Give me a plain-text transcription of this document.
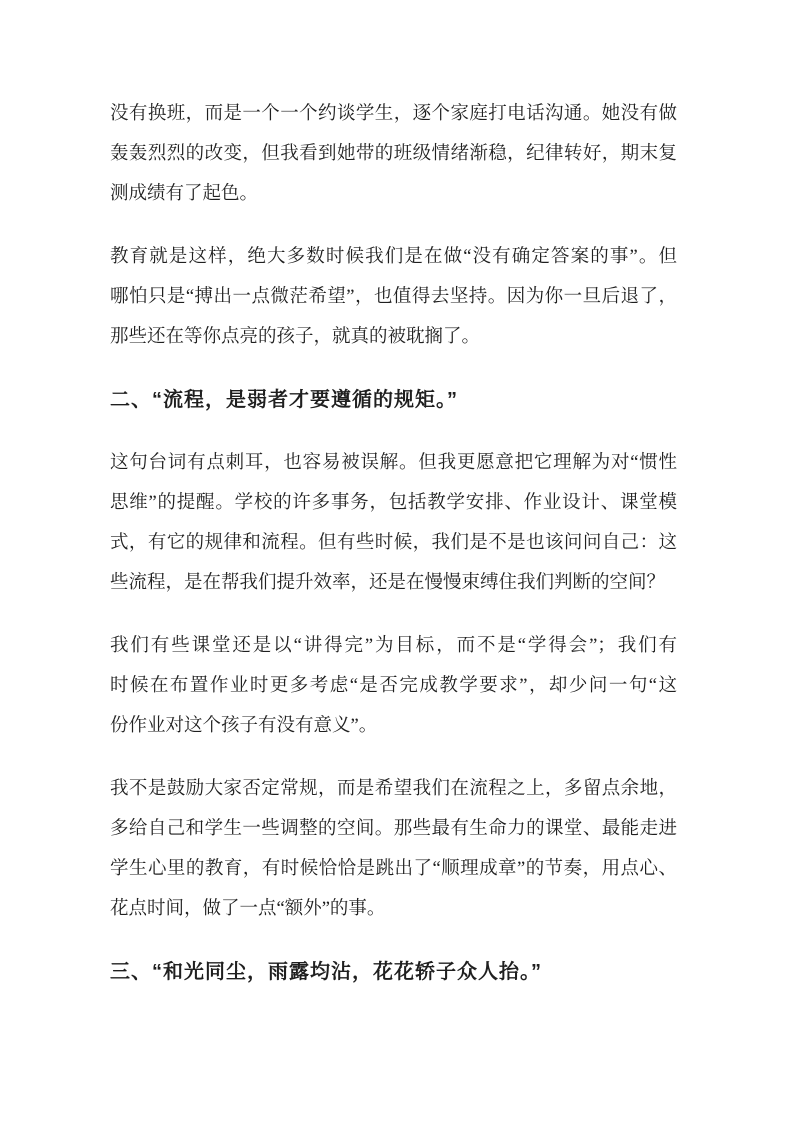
没有换班，而是一个一个约谈学生，逐个家庭打电话沟通。她没有做
轰轰烈烈的改变，但我看到她带的班级情绪渐稳，纪律转好，期末复
测成绩有了起色。
教育就是这样，绝大多数时候我们是在做“没有确定答案的事”。但
哪怕只是“搏出一点微茫希望”，也值得去坚持。因为你一旦后退了，
那些还在等你点亮的孩子，就真的被耽搁了。
二、“流程，是弱者才要遵循的规矩。”
这句台词有点刺耳，也容易被误解。但我更愿意把它理解为对“惯性
思维”的提醒。学校的许多事务，包括教学安排、作业设计、课堂模
式，有它的规律和流程。但有些时候，我们是不是也该问问自己：这
些流程，是在帮我们提升效率，还是在慢慢束缚住我们判断的空间？
我们有些课堂还是以“讲得完”为目标，而不是“学得会”；我们有
时候在布置作业时更多考虑“是否完成教学要求”，却少问一句“这
份作业对这个孩子有没有意义”。
我不是鼓励大家否定常规，而是希望我们在流程之上，多留点余地，
多给自己和学生一些调整的空间。那些最有生命力的课堂、最能走进
学生心里的教育，有时候恰恰是跳出了“顺理成章”的节奏，用点心、
花点时间，做了一点“额外”的事。
三、“和光同尘，雨露均沾，花花轿子众人抬。”
